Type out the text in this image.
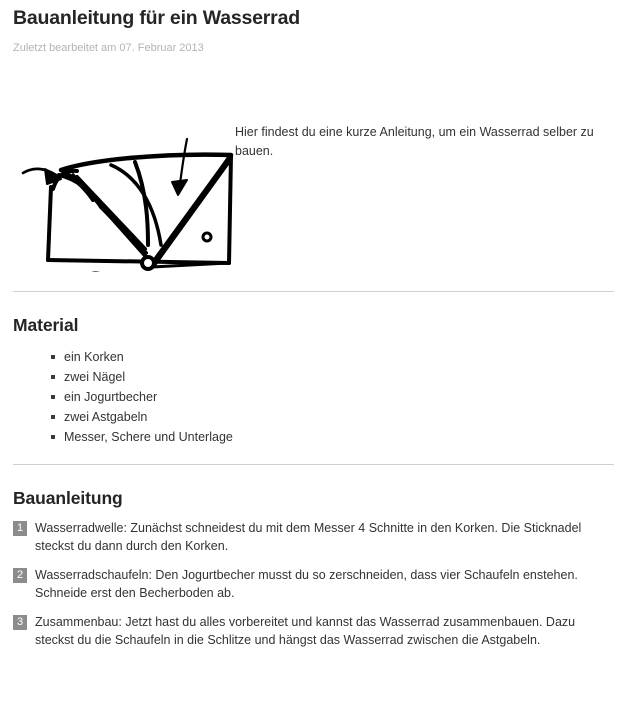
Bauanleitung für ein Wasserrad

Zuletzt bearbeitet am 07. Februar 2013

Hier findest du eine kurze Anleitung, um ein Wasserrad selber zu bauen.

Material
ein Korken
zwei Nägel
ein Jogurtbecher
zwei Astgabeln
Messer, Schere und Unterlage
Bauanleitung
1 Wasserradwelle: Zunächst schneidest du mit dem Messer 4 Schnitte in den Korken. Die Sticknadel steckst du dann durch den Korken.
2 Wasserradschaufeln: Den Jogurtbecher musst du so zerschneiden, dass vier Schaufeln enstehen. Schneide erst den Becherboden ab.
3 Zusammenbau: Jetzt hast du alles vorbereitet und kannst das Wasserrad zusammenbauen. Dazu steckst du die Schaufeln in die Schlitze und hängst das Wasserrad zwischen die Astgabeln.
